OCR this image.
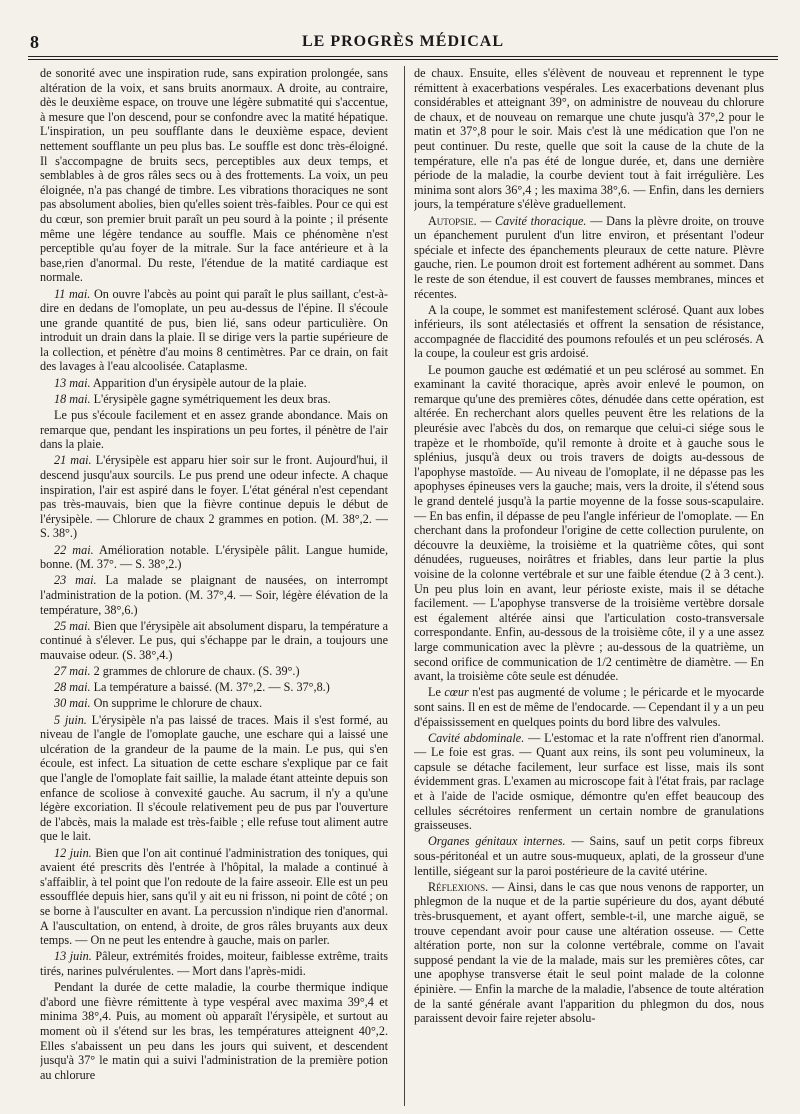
8	LE PROGRÈS MÉDICAL

de sonorité avec une inspiration rude, sans expiration prolongée, sans altération de la voix, et sans bruits anormaux. A droite, au contraire, dès le deuxième espace, on trouve une légère submatité qui s'accentue, à mesure que l'on descend, pour se confondre avec la matité hépatique. L'inspiration, un peu soufflante dans le deuxième espace, devient nettement soufflante un peu plus bas. Le souffle est donc très-éloigné. Il s'accompagne de bruits secs, perceptibles aux deux temps, et semblables à de gros râles secs ou à des frottements. La voix, un peu éloignée, n'a pas changé de timbre. Les vibrations thoraciques ne sont pas absolument abolies, bien qu'elles soient très-faibles. Pour ce qui est du cœur, son premier bruit paraît un peu sourd à la pointe ; il présente même une légère tendance au souffle. Mais ce phénomène n'est perceptible qu'au foyer de la mitrale. Sur la face antérieure et à la base,rien d'anormal. Du reste, l'étendue de la matité cardiaque est normale.

11 mai. On ouvre l'abcès au point qui paraît le plus saillant, c'est-à-dire en dedans de l'omoplate, un peu au-dessus de l'épine. Il s'écoule une grande quantité de pus, bien lié, sans odeur particulière. On introduit un drain dans la plaie. Il se dirige vers la partie supérieure de la collection, et pénètre d'au moins 8 centimètres. Par ce drain, on fait des lavages à l'eau alcoolisée. Cataplasme.

13 mai. Apparition d'un érysipèle autour de la plaie.

18 mai. L'érysipèle gagne symétriquement les deux bras.

Le pus s'écoule facilement et en assez grande abondance. Mais on remarque que, pendant les inspirations un peu fortes, il pénètre de l'air dans la plaie.

21 mai. L'érysipèle est apparu hier soir sur le front. Aujourd'hui, il descend jusqu'aux sourcils. Le pus prend une odeur infecte. A chaque inspiration, l'air est aspiré dans le foyer. L'état général n'est cependant pas très-mauvais, bien que la fièvre continue depuis le début de l'érysipèle. — Chlorure de chaux 2 grammes en potion. (M. 38°,2. — S. 38°.)

22 mai. Amélioration notable. L'érysipèle pâlit. Langue humide, bonne. (M. 37°. — S. 38°,2.)

23 mai. La malade se plaignant de nausées, on interrompt l'administration de la potion. (M. 37°,4. — Soir, légère élévation de la température, 38°,6.)

25 mai. Bien que l'érysipèle ait absolument disparu, la température a continué à s'élever. Le pus, qui s'échappe par le drain, a toujours une mauvaise odeur. (S. 38°,4.)

27 mai. 2 grammes de chlorure de chaux. (S. 39°.)

28 mai. La température a baissé. (M. 37°,2. — S. 37°,8.)

30 mai. On supprime le chlorure de chaux.

5 juin. L'érysipèle n'a pas laissé de traces. Mais il s'est formé, au niveau de l'angle de l'omoplate gauche, une eschare qui a laissé une ulcération de la grandeur de la paume de la main. Le pus, qui s'en écoule, est infect. La situation de cette eschare s'explique par ce fait que l'angle de l'omoplate fait saillie, la malade étant atteinte depuis son enfance de scoliose à convexité gauche. Au sacrum, il n'y a qu'une légère excoriation. Il s'écoule relativement peu de pus par l'ouverture de l'abcès, mais la malade est très-faible ; elle refuse tout aliment autre que le lait.

12 juin. Bien que l'on ait continué l'administration des toniques, qui avaient été prescrits dès l'entrée à l'hôpital, la malade a continué à s'affaiblir, à tel point que l'on redoute de la faire asseoir. Elle est un peu essoufflée depuis hier, sans qu'il y ait eu ni frisson, ni point de côté ; on se borne à l'ausculter en avant. La percussion n'indique rien d'anormal. A l'auscultation, on entend, à droite, de gros râles bruyants aux deux temps. — On ne peut les entendre à gauche, mais on parler.

13 juin. Pâleur, extrémités froides, moiteur, faiblesse extrême, traits tirés, narines pulvérulentes. — Mort dans l'après-midi.

Pendant la durée de cette maladie, la courbe thermique indique d'abord une fièvre rémittente à type vespéral avec maxima 39°,4 et minima 38°,4. Puis, au moment où apparaît l'érysipèle, et surtout au moment où il s'étend sur les bras, les températures atteignent 40°,2. Elles s'abaissent un peu dans les jours qui suivent, et descendent jusqu'à 37° le matin qui a suivi l'administration de la première potion au chlorure

de chaux. Ensuite, elles s'élèvent de nouveau et reprennent le type rémittent à exacerbations vespérales. Les exacerbations devenant plus considérables et atteignant 39°, on administre de nouveau du chlorure de chaux, et de nouveau on remarque une chute jusqu'à 37°,2 pour le matin et 37°,8 pour le soir. Mais c'est là une médication que l'on ne peut continuer. Du reste, quelle que soit la cause de la chute de la température, elle n'a pas été de longue durée, et, dans une dernière période de la maladie, la courbe devient tout à fait irrégulière. Les minima sont alors 36°,4 ; les maxima 38°,6. — Enfin, dans les derniers jours, la température s'élève graduellement.

Autopsie. — Cavité thoracique. — Dans la plèvre droite, on trouve un épanchement purulent d'un litre environ, et présentant l'odeur spéciale et infecte des épanchements pleuraux de cette nature. Plèvre gauche, rien. Le poumon droit est fortement adhérent au sommet. Dans le reste de son étendue, il est couvert de fausses membranes, minces et récentes.

A la coupe, le sommet est manifestement sclérosé. Quant aux lobes inférieurs, ils sont atélectasiés et offrent la sensation de résistance, accompagnée de flaccidité des poumons refoulés et un peu sclérosés. A la coupe, la couleur est gris ardoisé.

Le poumon gauche est œdématié et un peu sclérosé au sommet. En examinant la cavité thoracique, après avoir enlevé le poumon, on remarque qu'une des premières côtes, dénudée dans cette opération, est altérée. En recherchant alors quelles peuvent être les relations de la pleurésie avec l'abcès du dos, on remarque que celui-ci siége sous le trapèze et le rhomboïde, qu'il remonte à droite et à gauche sous le splénius, jusqu'à deux ou trois travers de doigts au-dessous de l'apophyse mastoïde. — Au niveau de l'omoplate, il ne dépasse pas les apophyses épineuses vers la gauche; mais, vers la droite, il s'étend sous le grand dentelé jusqu'à la partie moyenne de la fosse sous-scapulaire. — En bas enfin, il dépasse de peu l'angle inférieur de l'omoplate. — En cherchant dans la profondeur l'origine de cette collection purulente, on découvre la deuxième, la troisième et la quatrième côtes, qui sont dénudées, rugueuses, noirâtres et friables, dans leur partie la plus voisine de la colonne vertébrale et sur une faible étendue (2 à 3 cent.). Un peu plus loin en avant, leur périoste existe, mais il se détache facilement. — L'apophyse transverse de la troisième vertèbre dorsale est également altérée ainsi que l'articulation costo-transversale correspondante. Enfin, au-dessous de la troisième côte, il y a une assez large communication avec la plèvre ; au-dessous de la quatrième, un second orifice de communication de 1/2 centimètre de diamètre. — En avant, la troisième côte seule est dénudée.

Le cœur n'est pas augmenté de volume ; le péricarde et le myocarde sont sains. Il en est de même de l'endocarde. — Cependant il y a un peu d'épaississement en quelques points du bord libre des valvules.

Cavité abdominale. — L'estomac et la rate n'offrent rien d'anormal. — Le foie est gras. — Quant aux reins, ils sont peu volumineux, la capsule se détache facilement, leur surface est lisse, mais ils sont évidemment gras. L'examen au microscope fait à l'état frais, par raclage et à l'aide de l'acide osmique, démontre qu'en effet beaucoup des cellules sécrétoires renferment un certain nombre de granulations graisseuses.

Organes génitaux internes. — Sains, sauf un petit corps fibreux sous-péritonéal et un autre sous-muqueux, aplati, de la grosseur d'une lentille, siégeant sur la paroi postérieure de la cavité utérine.

Réflexions. — Ainsi, dans le cas que nous venons de rapporter, un phlegmon de la nuque et de la partie supérieure du dos, ayant débuté très-brusquement, et ayant offert, semble-t-il, une marche aiguë, se trouve cependant avoir pour cause une altération osseuse. — Cette altération porte, non sur la colonne vertébrale, comme on l'avait supposé pendant la vie de la malade, mais sur les premières côtes, car une apophyse transverse était le seul point malade de la colonne épinière. — Enfin la marche de la maladie, l'absence de toute altération de la santé générale avant l'apparition du phlegmon du dos, nous paraissent devoir faire rejeter absolu-
